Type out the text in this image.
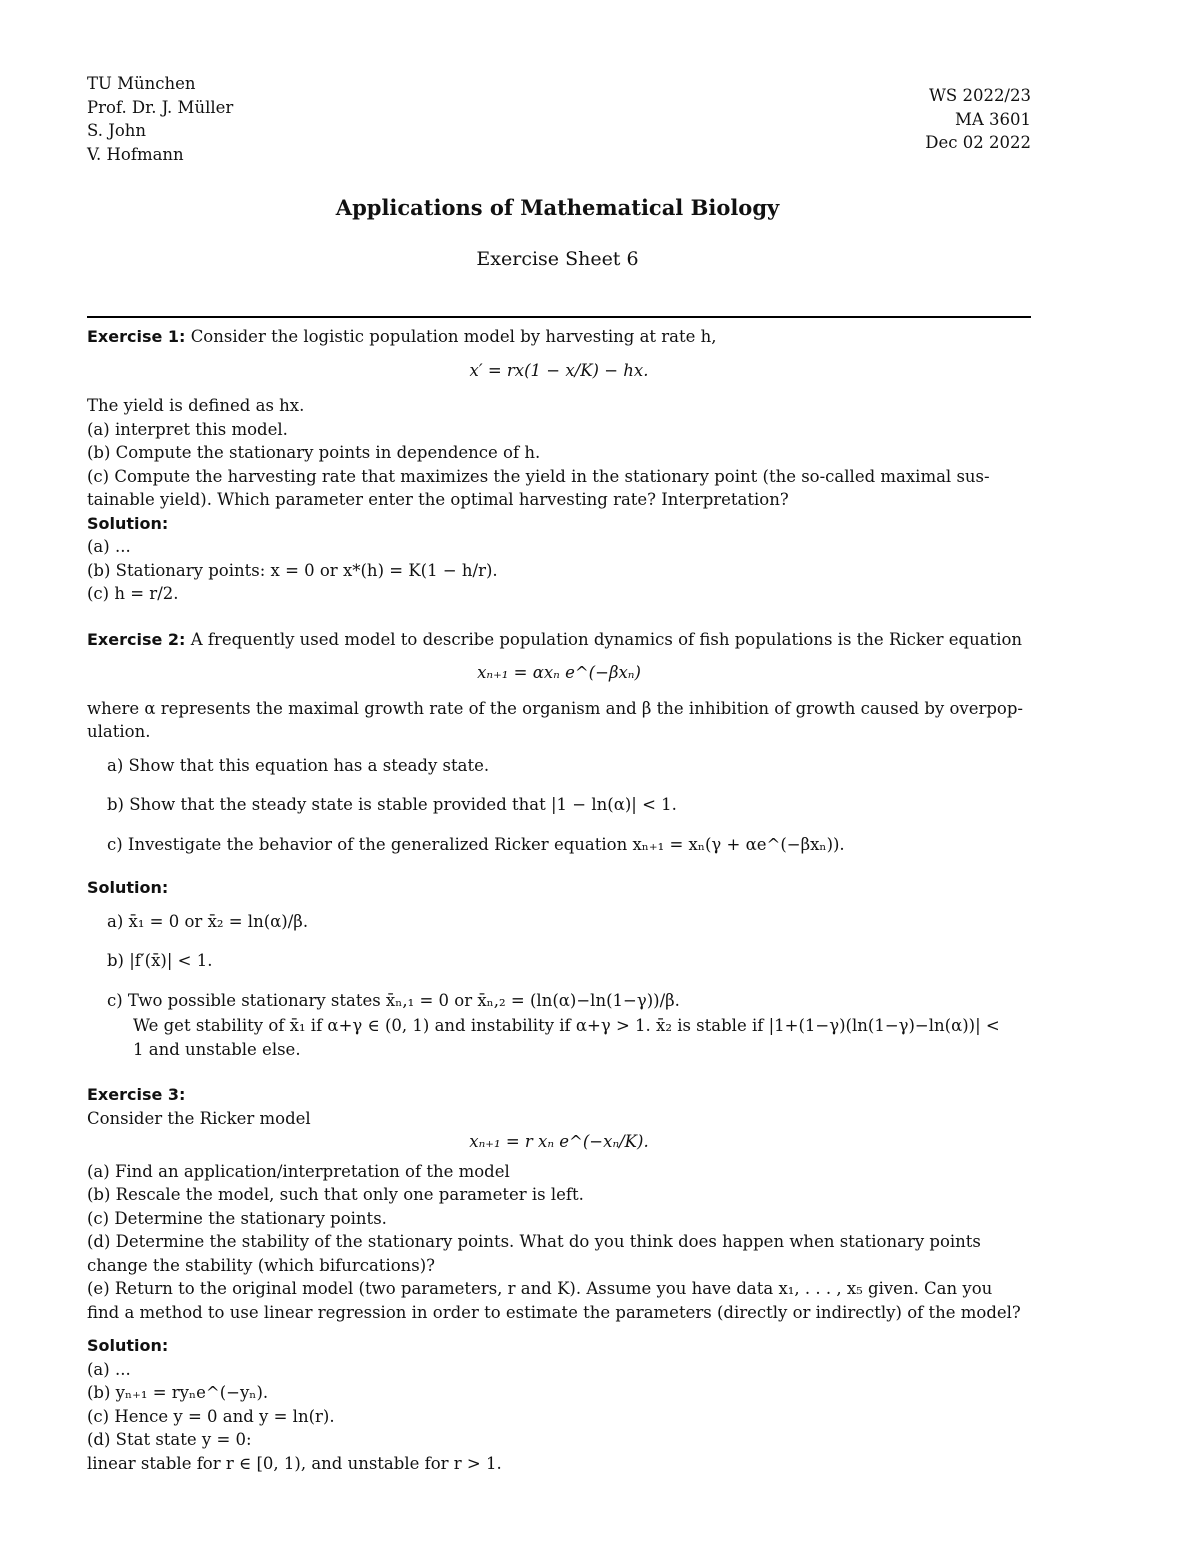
TU München
Prof. Dr. J. Müller
S. John
V. Hofmann
WS 2022/23
MA 3601
Dec 02 2022
Applications of Mathematical Biology
Exercise Sheet 6
Exercise 1: Consider the logistic population model by harvesting at rate h,
x′ = rx(1 − x/K) − hx.
The yield is defined as hx.
(a) interpret this model.
(b) Compute the stationary points in dependence of h.
(c) Compute the harvesting rate that maximizes the yield in the stationary point (the so-called maximal sus-
tainable yield). Which parameter enter the optimal harvesting rate? Interpretation?
Solution:
(a) ...
(b) Stationary points: x = 0 or x*(h) = K(1 − h/r).
(c) h = r/2.
Exercise 2: A frequently used model to describe population dynamics of fish populations is the Ricker equation
xₙ₊₁ = αxₙ e^(−βxₙ)
where α represents the maximal growth rate of the organism and β the inhibition of growth caused by overpop-
ulation.
a) Show that this equation has a steady state.
b) Show that the steady state is stable provided that |1 − ln(α)| < 1.
c) Investigate the behavior of the generalized Ricker equation xₙ₊₁ = xₙ(γ + αe^(−βxₙ)).
Solution:
a) x̄₁ = 0 or x̄₂ = ln(α)/β.
b) |f′(x̄)| < 1.
c) Two possible stationary states x̄ₙ,₁ = 0 or x̄ₙ,₂ = (ln(α)−ln(1−γ))/β.
We get stability of x̄₁ if α+γ ∈ (0, 1) and instability if α+γ > 1. x̄₂ is stable if |1+(1−γ)(ln(1−γ)−ln(α))| <
1 and unstable else.
Exercise 3:
Consider the Ricker model
xₙ₊₁ = r xₙ e^(−xₙ/K).
(a) Find an application/interpretation of the model
(b) Rescale the model, such that only one parameter is left.
(c) Determine the stationary points.
(d) Determine the stability of the stationary points. What do you think does happen when stationary points
change the stability (which bifurcations)?
(e) Return to the original model (two parameters, r and K). Assume you have data x₁, . . . , x₅ given. Can you
find a method to use linear regression in order to estimate the parameters (directly or indirectly) of the model?
Solution:
(a) ...
(b) yₙ₊₁ = ryₙe^(−yₙ).
(c) Hence y = 0 and y = ln(r).
(d) Stat state y = 0:
linear stable for r ∈ [0, 1), and unstable for r > 1.
